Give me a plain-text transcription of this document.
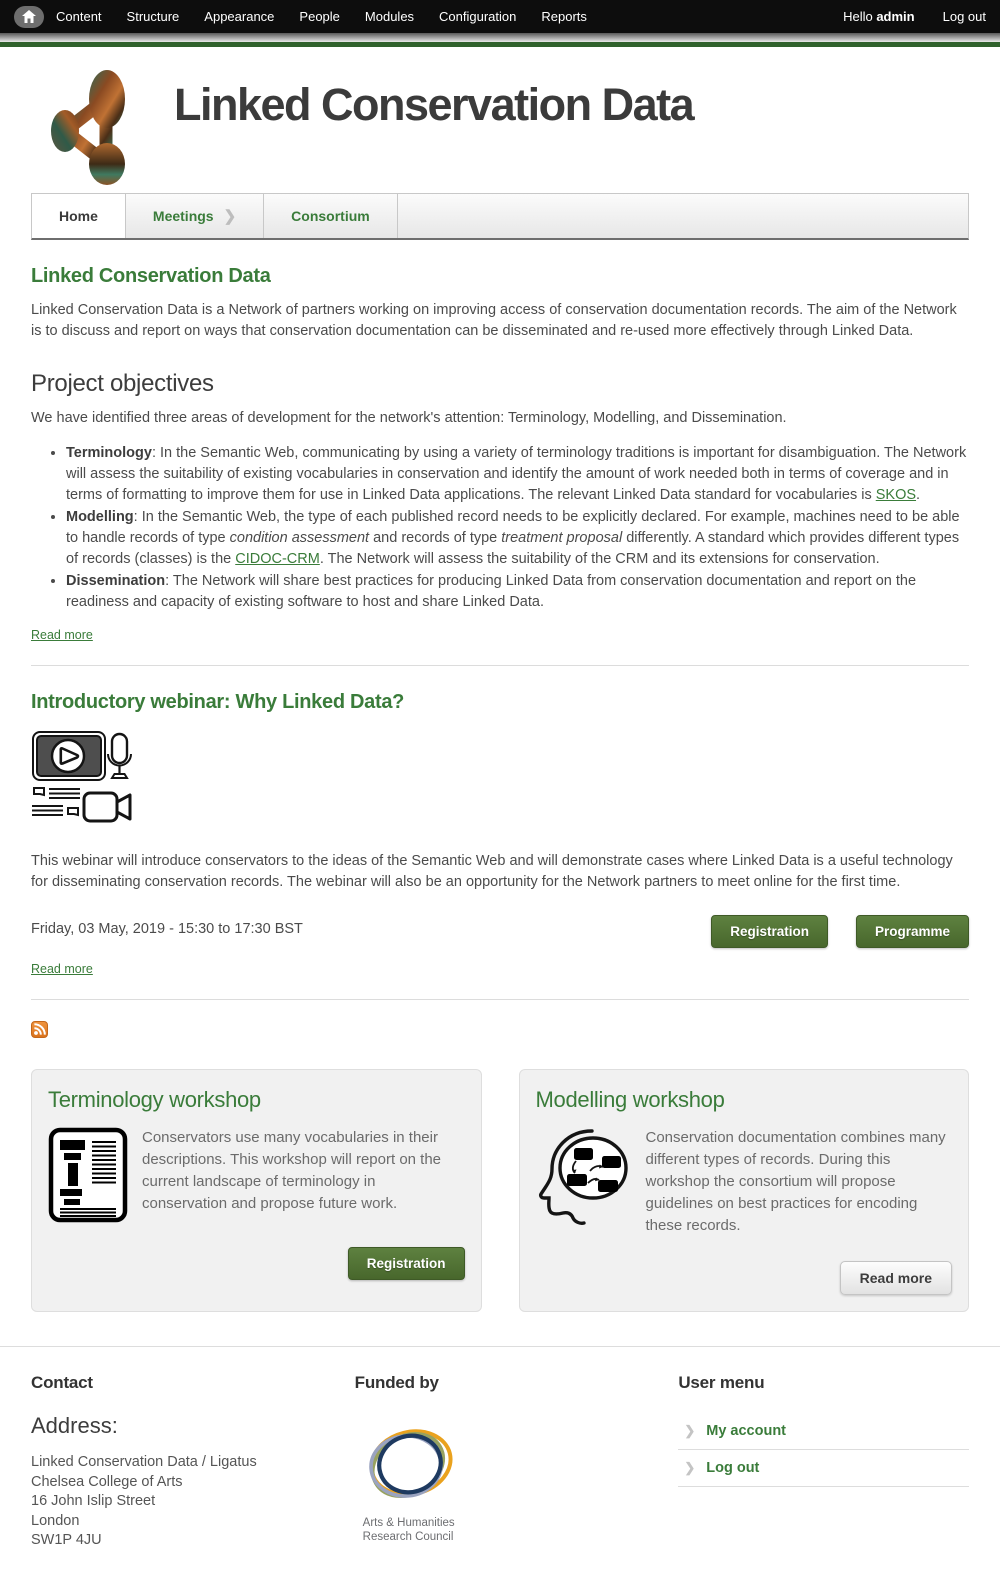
Content Structure Appearance People Modules Configuration Reports	Hello admin Log out
Linked Conservation Data
Home	Meetings ❯	Consortium
Linked Conservation Data

Linked Conservation Data is a Network of partners working on improving access of conservation documentation records. The aim of the Network is to discuss and report on ways that conservation documentation can be disseminated and re-used more effectively through Linked Data.

Project objectives

We have identified three areas of development for the network's attention: Terminology, Modelling, and Dissemination.

• Terminology: In the Semantic Web, communicating by using a variety of terminology traditions is important for disambiguation. The Network will assess the suitability of existing vocabularies in conservation and identify the amount of work needed both in terms of coverage and in terms of formatting to improve them for use in Linked Data applications. The relevant Linked Data standard for vocabularies is SKOS.
• Modelling: In the Semantic Web, the type of each published record needs to be explicitly declared. For example, machines need to be able to handle records of type condition assessment and records of type treatment proposal differently. A standard which provides different types of records (classes) is the CIDOC-CRM. The Network will assess the suitability of the CRM and its extensions for conservation.
• Dissemination: The Network will share best practices for producing Linked Data from conservation documentation and report on the readiness and capacity of existing software to host and share Linked Data.
Read more
Introductory webinar: Why Linked Data?

This webinar will introduce conservators to the ideas of the Semantic Web and will demonstrate cases where Linked Data is a useful technology for disseminating conservation records. The webinar will also be an opportunity for the Network partners to meet online for the first time.

Friday, 03 May, 2019 - 15:30 to 17:30 BST	Registration	Programme
Read more
Terminology workshop
Conservators use many vocabularies in their descriptions. This workshop will report on the current landscape of terminology in conservation and propose future work.
Registration
Modelling workshop
Conservation documentation combines many different types of records. During this workshop the consortium will propose guidelines on best practices for encoding these records.
Read more
Contact
Address:
Linked Conservation Data / Ligatus
Chelsea College of Arts
16 John Islip Street
London
SW1P 4JU
Funded by
Arts & Humanities
Research Council
User menu
❯ My account
❯ Log out
